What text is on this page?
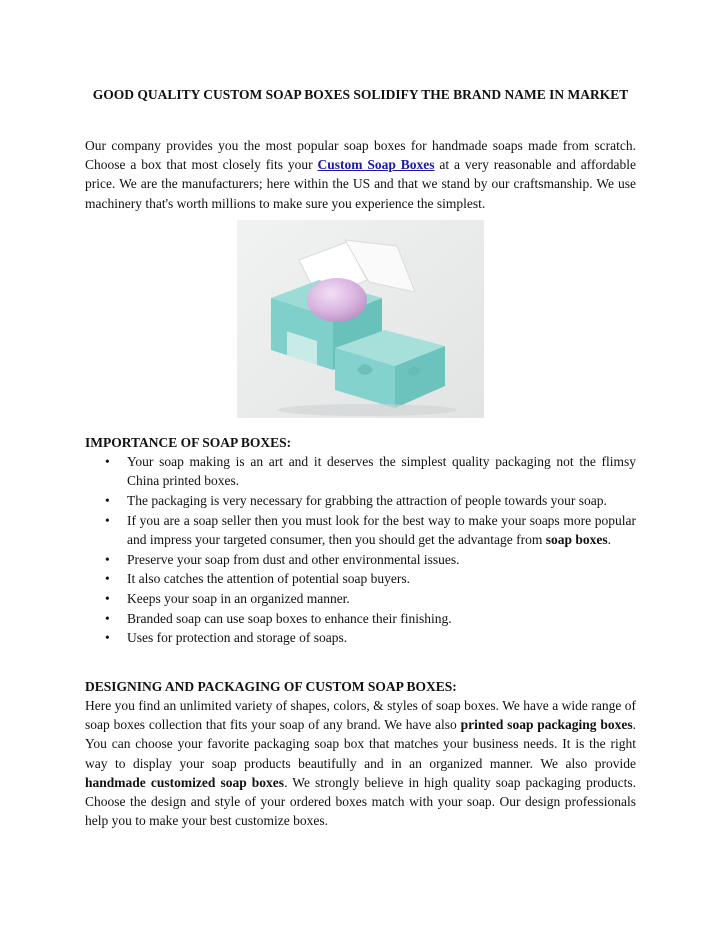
GOOD QUALITY CUSTOM SOAP BOXES SOLIDIFY THE BRAND NAME IN MARKET

Our company provides you the most popular soap boxes for handmade soaps made from scratch. Choose a box that most closely fits your Custom Soap Boxes at a very reasonable and affordable price. We are the manufacturers; here within the US and that we stand by our craftsmanship. We use machinery that's worth millions to make sure you experience the simplest.

IMPORTANCE OF SOAP BOXES:

• Your soap making is an art and it deserves the simplest quality packaging not the flimsy China printed boxes.
• The packaging is very necessary for grabbing the attraction of people towards your soap.
• If you are a soap seller then you must look for the best way to make your soaps more popular and impress your targeted consumer, then you should get the advantage from soap boxes.
• Preserve your soap from dust and other environmental issues.
• It also catches the attention of potential soap buyers.
• Keeps your soap in an organized manner.
• Branded soap can use soap boxes to enhance their finishing.
• Uses for protection and storage of soaps.

DESIGNING AND PACKAGING OF CUSTOM SOAP BOXES:

Here you find an unlimited variety of shapes, colors, & styles of soap boxes. We have a wide range of soap boxes collection that fits your soap of any brand. We have also printed soap packaging boxes. You can choose your favorite packaging soap box that matches your business needs. It is the right way to display your soap products beautifully and in an organized manner. We also provide handmade customized soap boxes. We strongly believe in high quality soap packaging products. Choose the design and style of your ordered boxes match with your soap. Our design professionals help you to make your best customize boxes.
